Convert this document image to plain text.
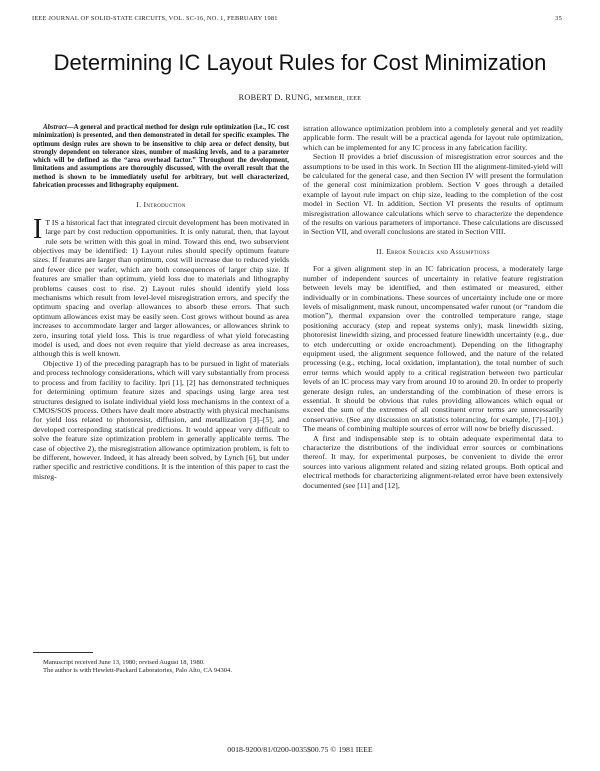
IEEE JOURNAL OF SOLID-STATE CIRCUITS, VOL. SC-16, NO. 1, FEBRUARY 1981	35
Determining IC Layout Rules for Cost Minimization
ROBERT D. RUNG, MEMBER, IEEE

Abstract—A general and practical method for design rule optimization (i.e., IC cost minimization) is presented, and then demonstrated in detail for specific examples. The optimum design rules are shown to be insensitive to chip area or defect density, but strongly dependent on tolerance sizes, number of masking levels, and to a parameter which will be defined as the “area overhead factor.” Throughout the development, limitations and assumptions are thoroughly discussed, with the overall result that the method is shown to be immediately useful for arbitrary, but well characterized, fabrication processes and lithography equipment.

I. Introduction

I T IS a historical fact that integrated circuit development has been motivated in large part by cost reduction opportunities. It is only natural, then, that layout rule sets be written with this goal in mind. Toward this end, two subservient objectives may be identified: 1) Layout rules should specify optimum feature sizes. If features are larger than optimum, cost will increase due to reduced yields and fewer dice per wafer, which are both consequences of larger chip size. If features are smaller than optimum, yield loss due to materials and lithography problems causes cost to rise. 2) Layout rules should identify yield loss mechanisms which result from level-level misregistration errors, and specify the optimum spacing and overlap allowances to absorb these errors. That such optimum allowances exist may be easily seen. Cost grows without bound as area increases to accommodate larger and larger allowances, or allowances shrink to zero, insuring total yield loss. This is true regardless of what yield forecasting model is used, and does not even require that yield decrease as area increases, although this is well known.

Objective 1) of the preceding paragraph has to be pursued in light of materials and process technology considerations, which will vary substantially from process to process and from facility to facility. Ipri [1], [2] has demonstrated techniques for determining optimum feature sizes and spacings using large area test structures designed to isolate individual yield loss mechanisms in the context of a CMOS/SOS process. Others have dealt more abstractly with physical mechanisms for yield loss related to photoresist, diffusion, and metallization [3]–[5], and developed corresponding statistical predictions. It would appear very difficult to solve the feature size optimization problem in generally applicable terms. The case of objective 2), the misregistration allowance optimization problem, is felt to be different, however. Indeed, it has already been solved, by Lynch [6], but under rather specific and restrictive conditions. It is the intention of this paper to cast the misreg-

Manuscript received June 13, 1980; revised August 18, 1980.

The author is with Hewlett-Packard Laboratories, Palo Alto, CA 94304.

istration allowance optimization problem into a completely general and yet readily applicable form. The result will be a practical agenda for layout rule optimization, which can be implemented for any IC process in any fabrication facility.

Section II provides a brief discussion of misregistration error sources and the assumptions to be used in this work. In Section III the alignment-limited-yield will be calculated for the general case, and then Section IV will present the formulation of the general cost minimization problem. Section V goes through a detailed example of layout rule impact on chip size, leading to the completion of the cost model in Section VI. In addition, Section VI presents the results of optimum misregistration allowance calculations which serve to characterize the dependence of the results on various parameters of importance. These calculations are discussed in Section VII, and overall conclusions are stated in Section VIII.

II. Error Sources and Assumptions

For a given alignment step in an IC fabrication process, a moderately large number of independent sources of uncertainty in relative feature registration between levels may be identified, and then estimated or measured, either individually or in combinations. These sources of uncertainty include one or more levels of misalignment, mask runout, uncompensated wafer runout (or “random die motion”), thermal expansion over the controlled temperature range, stage positioning accuracy (step and repeat systems only), mask linewidth sizing, photoresist linewidth sizing, and processed feature linewidth uncertainty (e.g., due to etch undercutting or oxide encroachment). Depending on the lithography equipment used, the alignment sequence followed, and the nature of the related processing (e.g., etching, local oxidation, implantation), the total number of such error terms which would apply to a critical registration between two particular levels of an IC process may vary from around 10 to around 20. In order to properly generate design rules, an understanding of the combination of these errors is essential. It should be obvious that rules providing allowances which equal or exceed the sum of the extremes of all constituent error terms are unnecessarily conservative. (See any discussion on statistics tolerancing, for example, [7]–[10].) The means of combining multiple sources of error will now be briefly discussed.

A first and indispensable step is to obtain adequate experimental data to characterize the distributions of the individual error sources or combinations thereof. It may, for experimental purposes, be convenient to divide the error sources into various alignment related and sizing related groups. Both optical and electrical methods for characterizing alignment-related error have been extensively documented (see [11] and [12],

0018-9200/81/0200-0035$00.75 © 1981 IEEE
